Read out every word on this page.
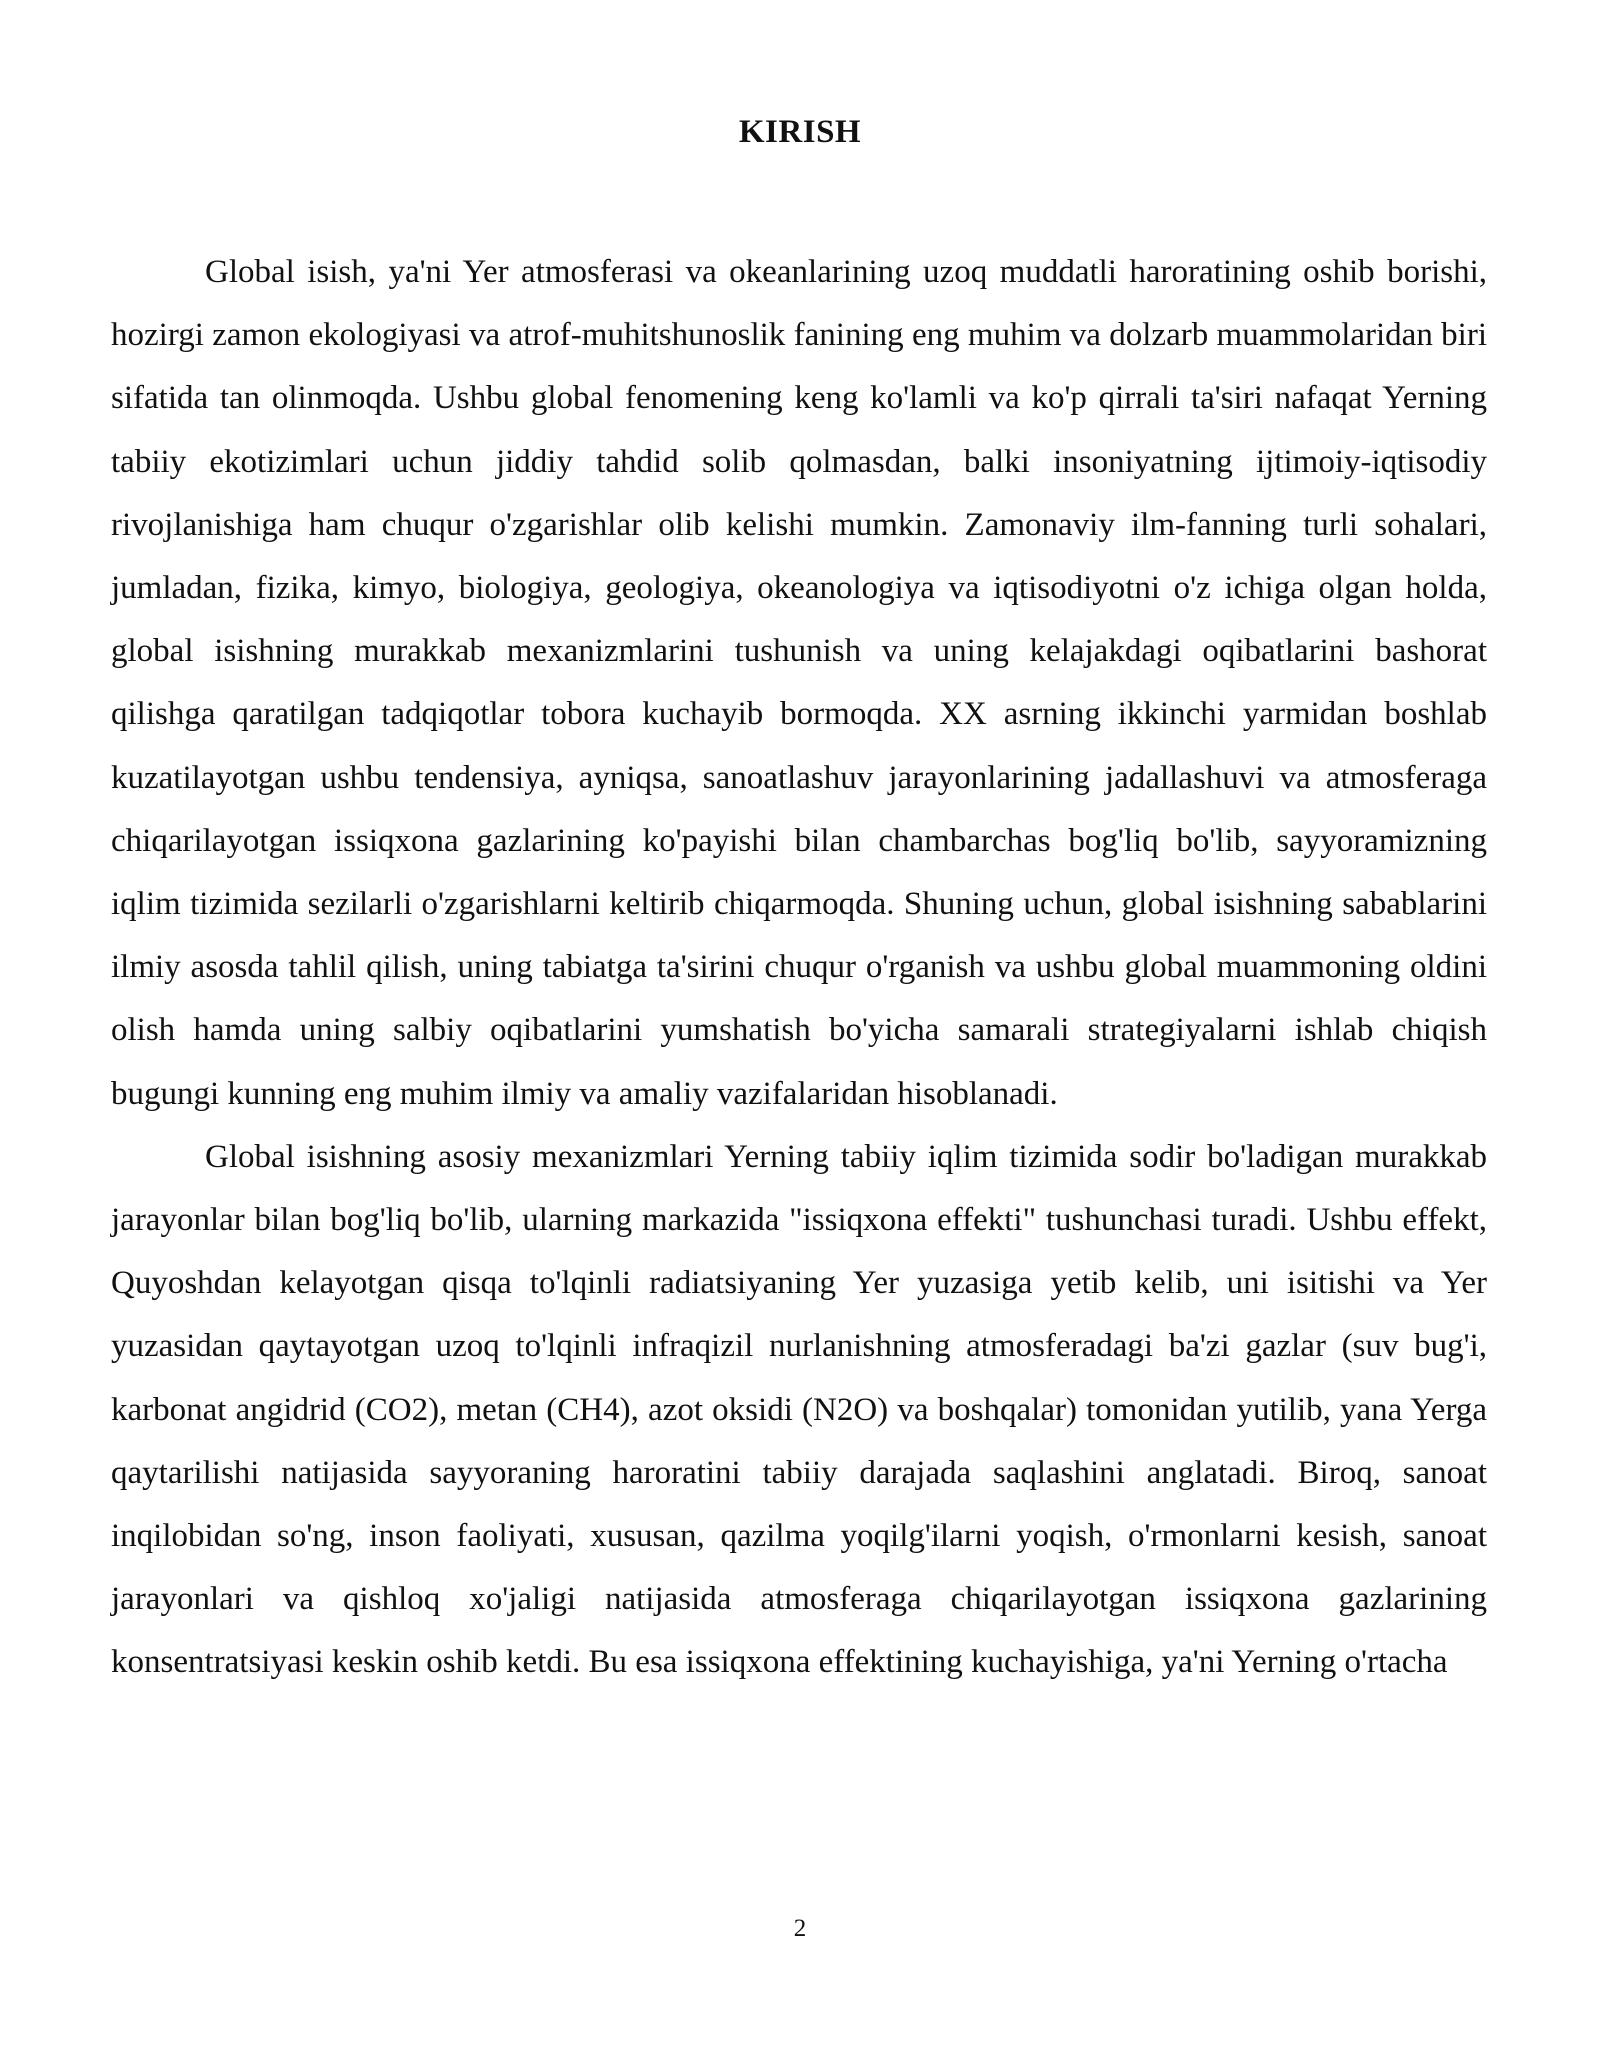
KIRISH

Global isish, ya'ni Yer atmosferasi va okeanlarining uzoq muddatli haroratining oshib borishi, hozirgi zamon ekologiyasi va atrof-muhitshunoslik fanining eng muhim va dolzarb muammolaridan biri sifatida tan olinmoqda. Ushbu global fenomening keng ko'lamli va ko'p qirrali ta'siri nafaqat Yerning tabiiy ekotizimlari uchun jiddiy tahdid solib qolmasdan, balki insoniyatning ijtimoiy-iqtisodiy rivojlanishiga ham chuqur o'zgarishlar olib kelishi mumkin. Zamonaviy ilm-fanning turli sohalari, jumladan, fizika, kimyo, biologiya, geologiya, okeanologiya va iqtisodiyotni o'z ichiga olgan holda, global isishning murakkab mexanizmlarini tushunish va uning kelajakdagi oqibatlarini bashorat qilishga qaratilgan tadqiqotlar tobora kuchayib bormoqda. XX asrning ikkinchi yarmidan boshlab kuzatilayotgan ushbu tendensiya, ayniqsa, sanoatlashuv jarayonlarining jadallashuvi va atmosferaga chiqarilayotgan issiqxona gazlarining ko'payishi bilan chambarchas bog'liq bo'lib, sayyoramizning iqlim tizimida sezilarli o'zgarishlarni keltirib chiqarmoqda. Shuning uchun, global isishning sabablarini ilmiy asosda tahlil qilish, uning tabiatga ta'sirini chuqur o'rganish va ushbu global muammoning oldini olish hamda uning salbiy oqibatlarini yumshatish bo'yicha samarali strategiyalarni ishlab chiqish bugungi kunning eng muhim ilmiy va amaliy vazifalaridan hisoblanadi.

Global isishning asosiy mexanizmlari Yerning tabiiy iqlim tizimida sodir bo'ladigan murakkab jarayonlar bilan bog'liq bo'lib, ularning markazida "issiqxona effekti" tushunchasi turadi. Ushbu effekt, Quyoshdan kelayotgan qisqa to'lqinli radiatsiyaning Yer yuzasiga yetib kelib, uni isitishi va Yer yuzasidan qaytayotgan uzoq to'lqinli infraqizil nurlanishning atmosferadagi ba'zi gazlar (suv bug'i, karbonat angidrid (CO2), metan (CH4), azot oksidi (N2O) va boshqalar) tomonidan yutilib, yana Yerga qaytarilishi natijasida sayyoraning haroratini tabiiy darajada saqlashini anglatadi. Biroq, sanoat inqilobidan so'ng, inson faoliyati, xususan, qazilma yoqilg'ilarni yoqish, o'rmonlarni kesish, sanoat jarayonlari va qishloq xo'jaligi natijasida atmosferaga chiqarilayotgan issiqxona gazlarining konsentratsiyasi keskin oshib ketdi. Bu esa issiqxona effektining kuchayishiga, ya'ni Yerning o'rtacha

2
